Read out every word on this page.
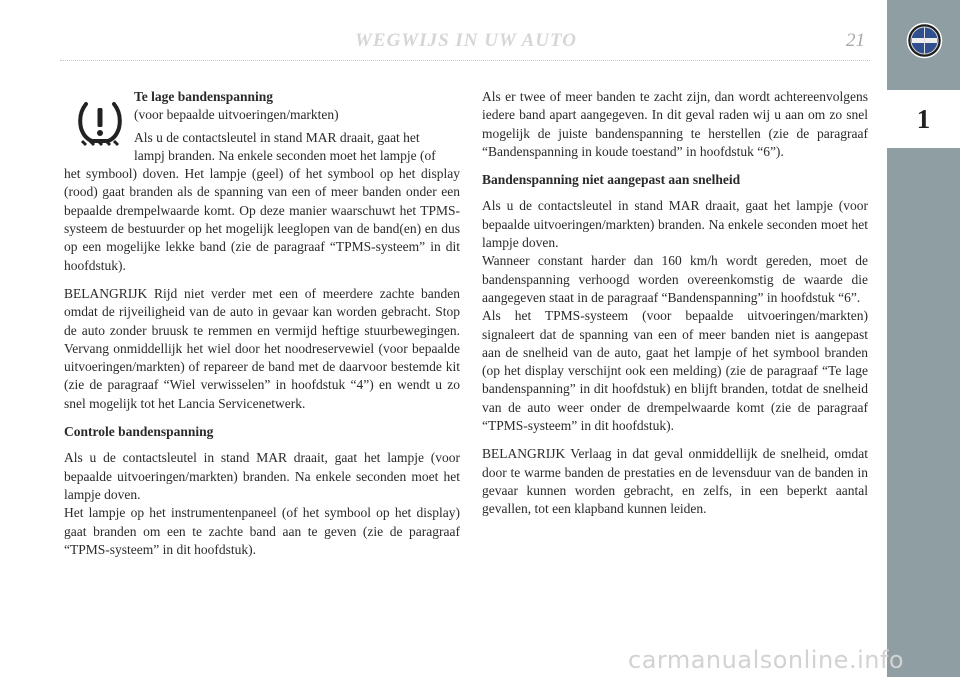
WEGWIJS IN UW AUTO	21
1
Te lage bandenspanning
(voor bepaalde uitvoeringen/markten)
Als u de contactsleutel in stand MAR draait, gaat het
lampj branden. Na enkele seconden moet het lampje (of

het symbool) doven. Het lampje (geel) of het symbool op het display (rood) gaat branden als de spanning van een of meer banden onder een bepaalde drempelwaarde komt. Op deze manier waarschuwt het TPMS-systeem de bestuurder op het mogelijk leeglopen van de band(en) en dus op een mogelijke lekke band (zie de paragraaf “TPMS-systeem” in dit hoofdstuk).

BELANGRIJK Rijd niet verder met een of meerdere zachte banden omdat de rijveiligheid van de auto in gevaar kan worden gebracht. Stop de auto zonder bruusk te remmen en vermijd heftige stuurbewegingen. Vervang onmiddellijk het wiel door het noodreservewiel (voor bepaalde uitvoeringen/markten) of repareer de band met de daarvoor bestemde kit (zie de paragraaf “Wiel verwisselen” in hoofdstuk “4”) en wendt u zo snel mogelijk tot het Lancia Servicenetwerk.

Controle bandenspanning
Als u de contactsleutel in stand MAR draait, gaat het lampje (voor bepaalde uitvoeringen/markten) branden. Na enkele seconden moet het lampje doven.
Het lampje op het instrumentenpaneel (of het symbool op het display) gaat branden om een te zachte band aan te geven (zie de paragraaf “TPMS-systeem” in dit hoofdstuk).

Als er twee of meer banden te zacht zijn, dan wordt achtereenvolgens iedere band apart aangegeven. In dit geval raden wij u aan om zo snel mogelijk de juiste bandenspanning te herstellen (zie de paragraaf “Bandenspanning in koude toestand” in hoofdstuk “6”).

Bandenspanning niet aangepast aan snelheid
Als u de contactsleutel in stand MAR draait, gaat het lampje (voor bepaalde uitvoeringen/markten) branden. Na enkele seconden moet het lampje doven.
Wanneer constant harder dan 160 km/h wordt gereden, moet de bandenspanning verhoogd worden overeenkomstig de waarde die aangegeven staat in de paragraaf “Bandenspanning” in hoofdstuk “6”.

Als het TPMS-systeem (voor bepaalde uitvoeringen/markten) signaleert dat de spanning van een of meer banden niet is aangepast aan de snelheid van de auto, gaat het lampje of het symbool branden (op het display verschijnt ook een melding) (zie de paragraaf “Te lage bandenspanning” in dit hoofdstuk) en blijft branden, totdat de snelheid van de auto weer onder de drempelwaarde komt (zie de paragraaf “TPMS-systeem” in dit hoofdstuk).

BELANGRIJK Verlaag in dat geval onmiddellijk de snelheid, omdat door te warme banden de prestaties en de levensduur van de banden in gevaar kunnen worden gebracht, en zelfs, in een beperkt aantal gevallen, tot een klapband kunnen leiden.

carmanualsonline.info
